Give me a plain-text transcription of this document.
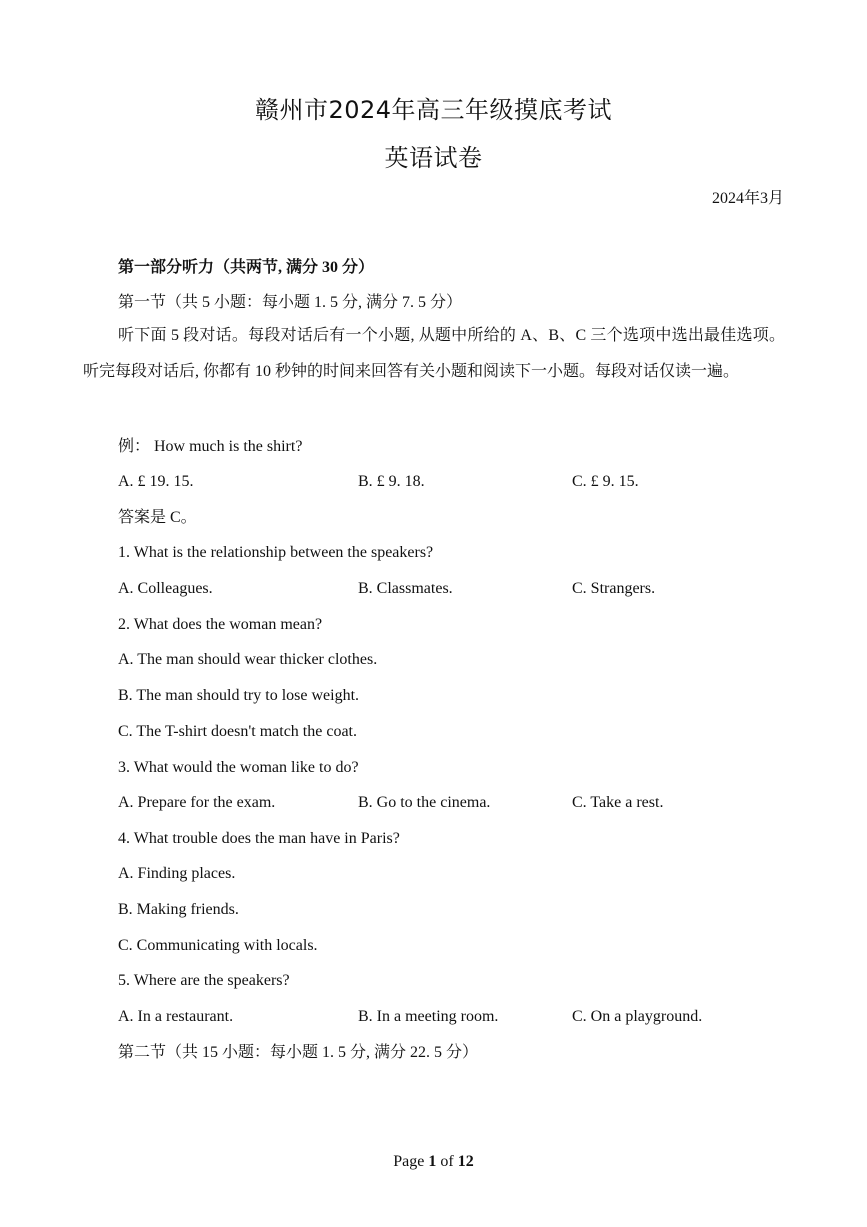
赣州市2024年高三年级摸底考试
英语试卷
2024年3月
第一部分听力（共两节, 满分 30 分）
第一节（共 5 小题：每小题 1. 5 分, 满分 7. 5 分）
听下面 5 段对话。每段对话后有一个小题, 从题中所给的 A、B、C 三个选项中选出最佳选项。听完每段对话后, 你都有 10 秒钟的时间来回答有关小题和阅读下一小题。每段对话仅读一遍。
例： How much is the shirt?
A. £ 19. 15.	B. £ 9. 18.	C. £ 9. 15.
答案是 C。
1. What is the relationship between the speakers?
A. Colleagues.	B. Classmates.	C. Strangers.
2. What does the woman mean?
A. The man should wear thicker clothes.
B. The man should try to lose weight.
C. The T-shirt doesn't match the coat.
3. What would the woman like to do?
A. Prepare for the exam.	B. Go to the cinema.	C. Take a rest.
4. What trouble does the man have in Paris?
A. Finding places.
B. Making friends.
C. Communicating with locals.
5. Where are the speakers?
A. In a restaurant.	B. In a meeting room.	C. On a playground.
第二节（共 15 小题：每小题 1. 5 分, 满分 22. 5 分）
Page 1 of 12
